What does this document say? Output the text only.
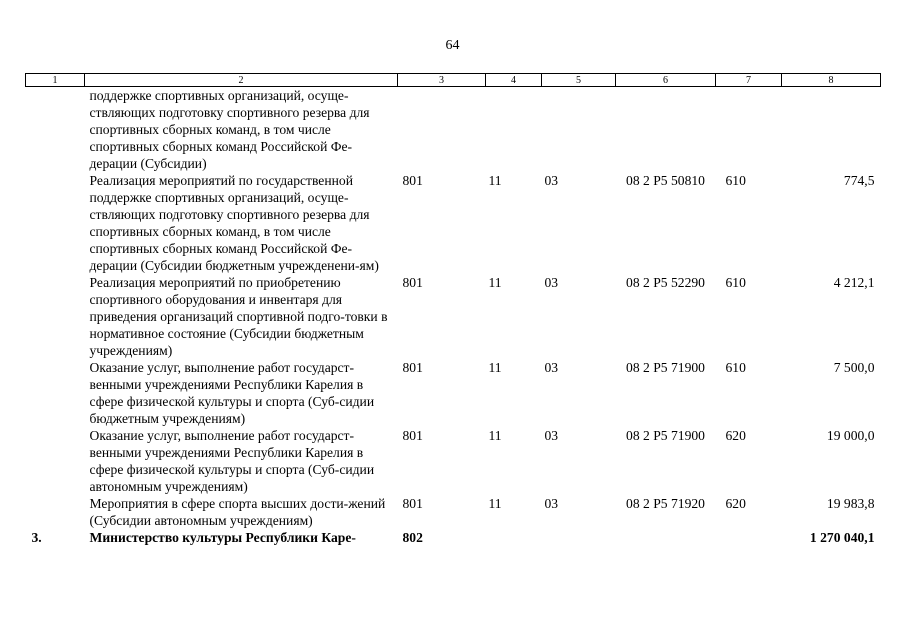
64
1	2	3	4	5	6	7	8
	поддержке спортивных организаций, осуще-ствляющих подготовку спортивного резерва для спортивных сборных команд, в том числе спортивных сборных команд Российской Фе-дерации (Субсидии)						
	Реализация мероприятий по государственной поддержке спортивных организаций, осуще-ствляющих подготовку спортивного резерва для спортивных сборных команд, в том числе спортивных сборных команд Российской Фе-дерации (Субсидии бюджетным учрежденени-ям)	801	11	03	08 2 P5 50810	610	774,5
	Реализация мероприятий по приобретению спортивного оборудования и инвентаря для приведения организаций спортивной подго-товки в нормативное состояние (Субсидии бюджетным учреждениям)	801	11	03	08 2 P5 52290	610	4 212,1
	Оказание услуг, выполнение работ государст-венными учреждениями Республики Карелия в сфере физической культуры и спорта (Суб-сидии бюджетным учреждениям)	801	11	03	08 2 P5 71900	610	7 500,0
	Оказание услуг, выполнение работ государст-венными учреждениями Республики Карелия в сфере физической культуры и спорта (Суб-сидии автономным учреждениям)	801	11	03	08 2 P5 71900	620	19 000,0
	Мероприятия в сфере спорта высших дости-жений (Субсидии автономным учреждениям)	801	11	03	08 2 P5 71920	620	19 983,8
3.	Министерство культуры Республики Каре-	802					1 270 040,1
